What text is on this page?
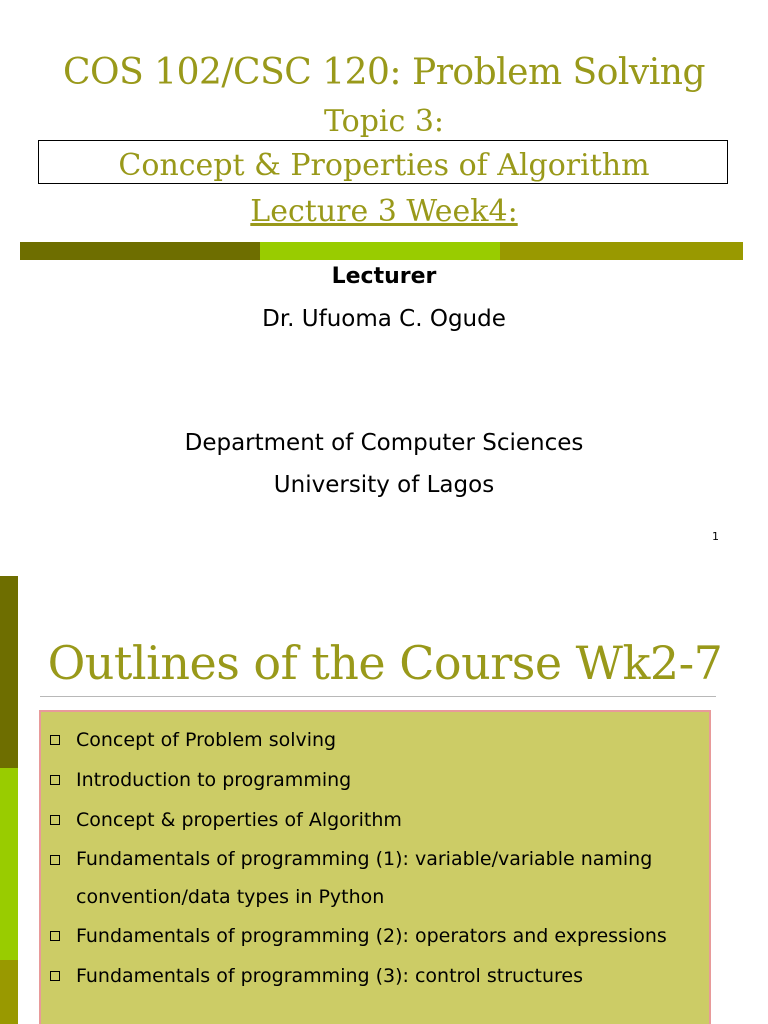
COS 102/CSC 120: Problem Solving
Topic 3:
Concept & Properties of Algorithm
Lecture 3 Week4:
Lecturer
Dr. Ufuoma C. Ogude
Department of Computer Sciences
University of Lagos
1
Outlines of the Course Wk2-7
Concept of Problem solving
Introduction to programming
Concept & properties of Algorithm
Fundamentals of programming (1): variable/variable naming convention/data types in Python
Fundamentals of programming (2): operators and expressions
Fundamentals of programming (3): control structures
